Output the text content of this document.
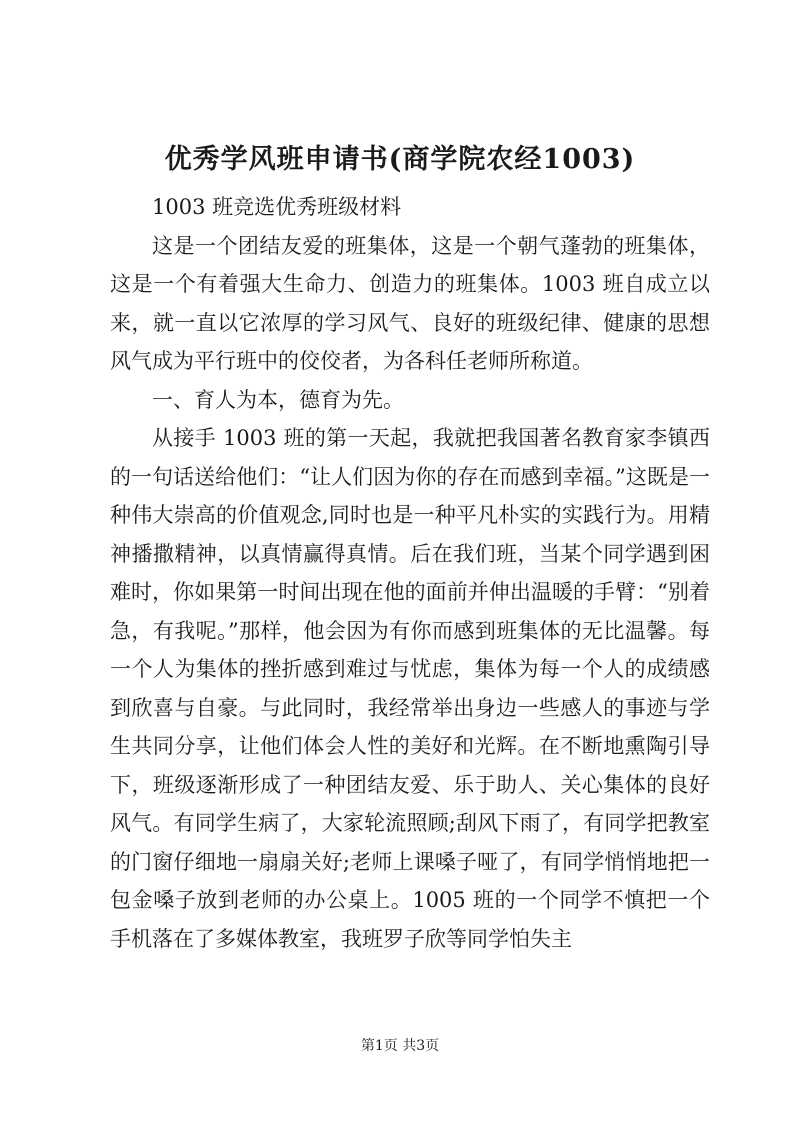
优秀学风班申请书(商学院农经1003)

1003 班竞选优秀班级材料

这是一个团结友爱的班集体，这是一个朝气蓬勃的班集体，这是一个有着强大生命力、创造力的班集体。1003 班自成立以来，就一直以它浓厚的学习风气、良好的班级纪律、健康的思想风气成为平行班中的佼佼者，为各科任老师所称道。

一、育人为本，德育为先。

从接手 1003 班的第一天起，我就把我国著名教育家李镇西的一句话送给他们：“让人们因为你的存在而感到幸福。”这既是一种伟大崇高的价值观念,同时也是一种平凡朴实的实践行为。用精神播撒精神，以真情赢得真情。后在我们班，当某个同学遇到困难时，你如果第一时间出现在他的面前并伸出温暖的手臂：“别着急，有我呢。”那样，他会因为有你而感到班集体的无比温馨。每一个人为集体的挫折感到难过与忧虑，集体为每一个人的成绩感到欣喜与自豪。与此同时，我经常举出身边一些感人的事迹与学生共同分享，让他们体会人性的美好和光辉。在不断地熏陶引导下，班级逐渐形成了一种团结友爱、乐于助人、关心集体的良好风气。有同学生病了，大家轮流照顾;刮风下雨了，有同学把教室的门窗仔细地一扇扇关好;老师上课嗓子哑了，有同学悄悄地把一包金嗓子放到老师的办公桌上。1005 班的一个同学不慎把一个手机落在了多媒体教室，我班罗子欣等同学怕失主

第1页 共3页
